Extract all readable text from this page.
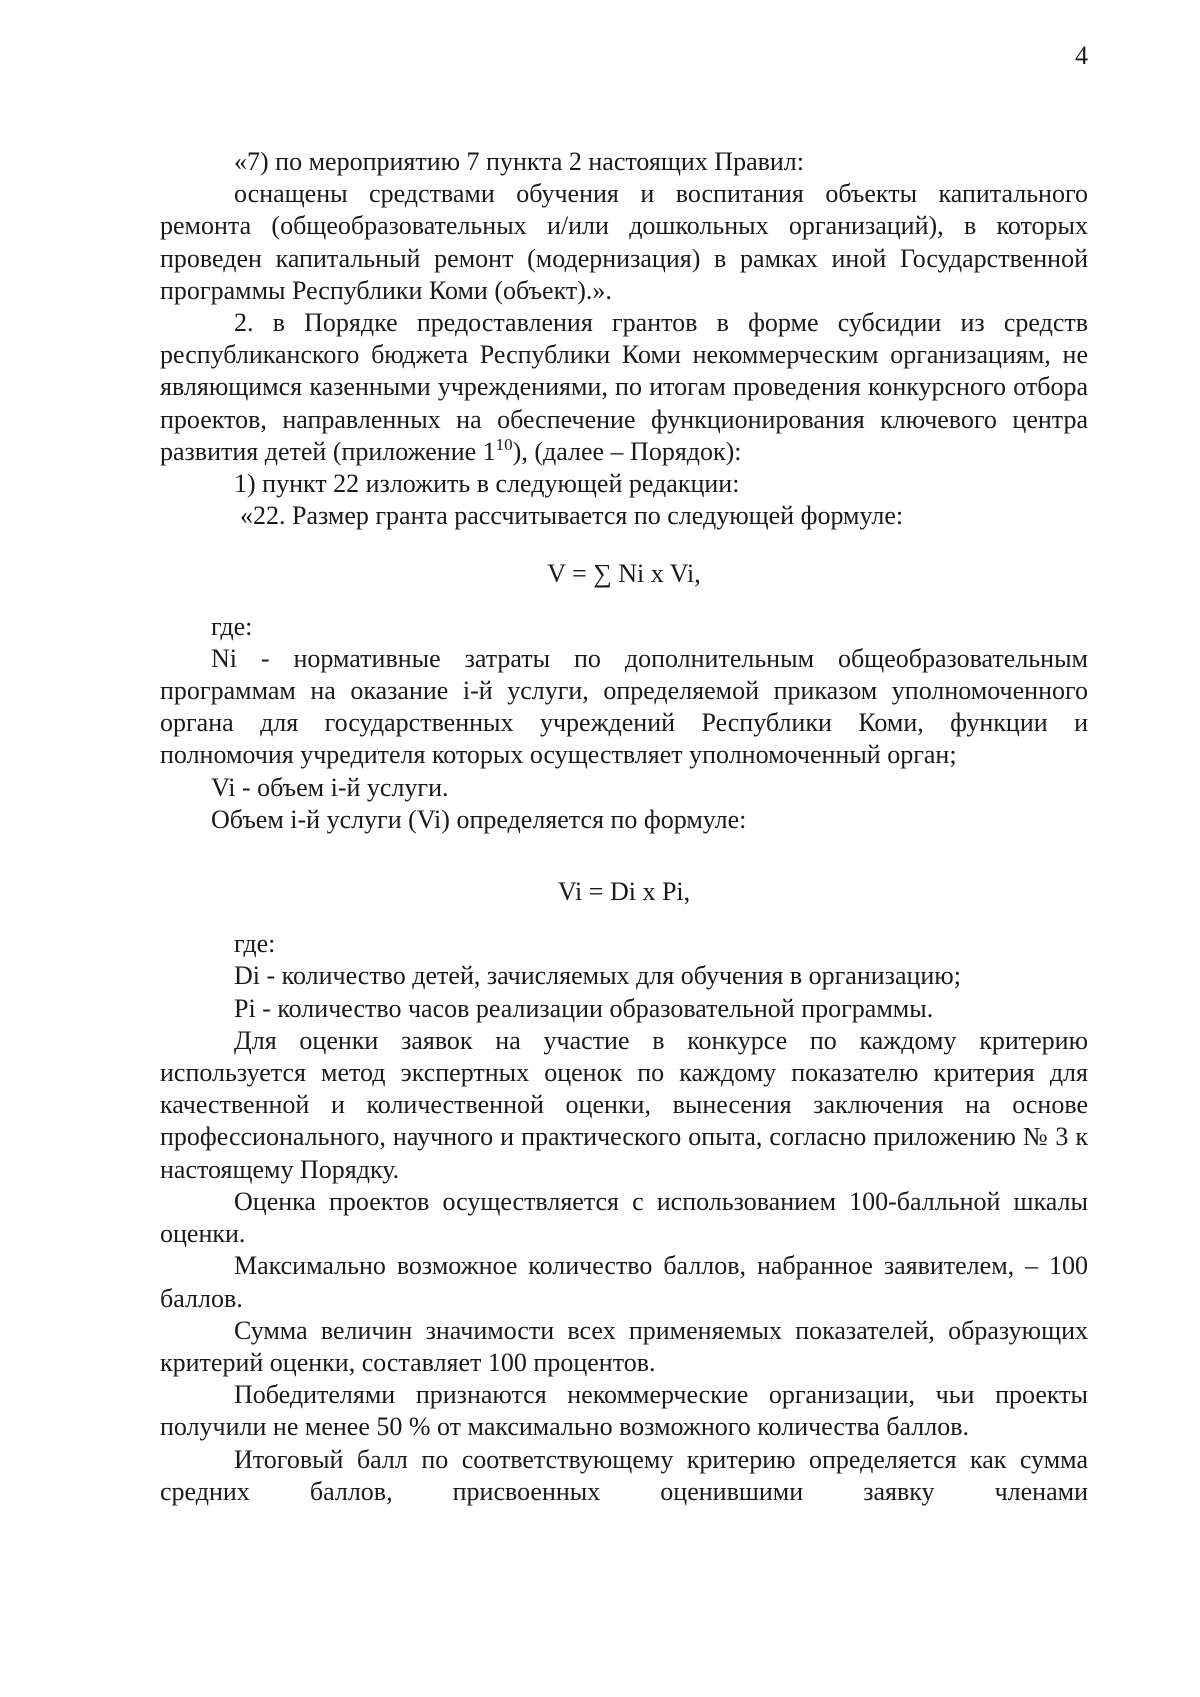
4

«7) по мероприятию 7 пункта 2 настоящих Правил:

оснащены средствами обучения и воспитания объекты капитального ремонта (общеобразовательных и/или дошкольных организаций), в которых проведен капитальный ремонт (модернизация) в рамках иной Государственной программы Республики Коми (объект).».

2. в Порядке предоставления грантов в форме субсидии из средств республиканского бюджета Республики Коми некоммерческим организациям, не являющимся казенными учреждениями, по итогам проведения конкурсного отбора проектов, направленных на обеспечение функционирования ключевого центра развития детей (приложение $1^{10}$), (далее – Порядок):

1) пункт 22 изложить в следующей редакции:

«22. Размер гранта рассчитывается по следующей формуле:

V = ∑ Ni x Vi,

где:

Ni - нормативные затраты по дополнительным общеобразовательным программам на оказание i-й услуги, определяемой приказом уполномоченного органа для государственных учреждений Республики Коми, функции и полномочия учредителя которых осуществляет уполномоченный орган;

Vi - объем i-й услуги.

Объем i-й услуги (Vi) определяется по формуле:

Vi = Di x Pi,

где:

Di - количество детей, зачисляемых для обучения в организацию;

Pi - количество часов реализации образовательной программы.

Для оценки заявок на участие в конкурсе по каждому критерию используется метод экспертных оценок по каждому показателю критерия для качественной и количественной оценки, вынесения заключения на основе профессионального, научного и практического опыта, согласно приложению № 3 к настоящему Порядку.

Оценка проектов осуществляется с использованием 100-балльной шкалы оценки.

Максимально возможное количество баллов, набранное заявителем, – 100 баллов.

Сумма величин значимости всех применяемых показателей, образующих критерий оценки, составляет 100 процентов.

Победителями признаются некоммерческие организации, чьи проекты получили не менее 50 % от максимально возможного количества баллов.

Итоговый балл по соответствующему критерию определяется как сумма средних баллов, присвоенных оценившими заявку членами
